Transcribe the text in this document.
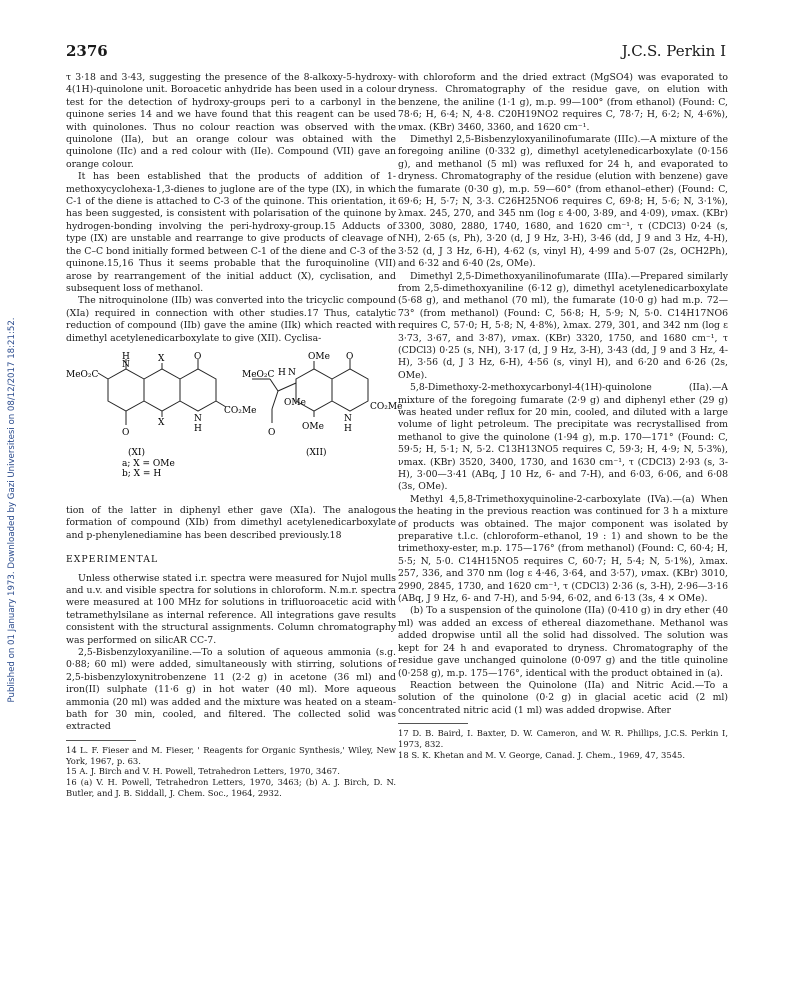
2376	J.C.S. Perkin I
Published on 01 January 1973. Downloaded by Gazi Universitesi on 08/12/2017 18:21:52.

τ 3·18 and 3·43, suggesting the presence of the 8-alkoxy-5-hydroxy-4(1H)-quinolone unit. Boroacetic anhydride has been used in a colour test for the detection of hydroxy-groups peri to a carbonyl in the quinone series 14 and we have found that this reagent can be used with quinolones. Thus no colour reaction was observed with the quinolone (IIa), but an orange colour was obtained with the quinolone (IIc) and a red colour with (IIe). Compound (VII) gave an orange colour.

It has been established that the products of addition of 1-methoxycyclohexa-1,3-dienes to juglone are of the type (IX), in which C-1 of the diene is attached to C-3 of the quinone. This orientation, it has been suggested, is consistent with polarisation of the quinone by hydrogen-bonding involving the peri-hydroxy-group.15 Adducts of type (IX) are unstable and rearrange to give products of cleavage of the C–C bond initially formed between C-1 of the diene and C-3 of the quinone.15,16 Thus it seems probable that the furoquinoline (VII) arose by rearrangement of the initial adduct (X), cyclisation, and subsequent loss of methanol.

The nitroquinolone (IIb) was converted into the tricyclic compound (XIa) required in connection with other studies.17 Thus, catalytic reduction of compound (IIb) gave the amine (IIk) which reacted with dimethyl acetylenedicarboxylate to give (XII). Cyclisa-

MeO₂C
H
N
X	O
N
H
X
O
CO₂Me
(XI)
a; X = OMe
b; X = H
MeO₂C H N
OMe O
OMe
N
H
OMe
O
CO₂Me
(XII)

tion of the latter in diphenyl ether gave (XIa). The analogous formation of compound (XIb) from dimethyl acetylenedicarboxylate and p-phenylenediamine has been described previously.18

EXPERIMENTAL

Unless otherwise stated i.r. spectra were measured for Nujol mulls and u.v. and visible spectra for solutions in chloroform. N.m.r. spectra were measured at 100 MHz for solutions in trifluoroacetic acid with tetramethylsilane as internal reference. All integrations gave results consistent with the structural assignments. Column chromatography was performed on silicAR CC-7.

2,5-Bisbenzyloxyaniline.—To a solution of aqueous ammonia (s.g. 0·88; 60 ml) were added, simultaneously with stirring, solutions of 2,5-bisbenzyloxynitrobenzene 11 (2·2 g) in acetone (36 ml) and iron(II) sulphate (11·6 g) in hot water (40 ml). More aqueous ammonia (20 ml) was added and the mixture was heated on a steam-bath for 30 min, cooled, and filtered. The collected solid was extracted

14 L. F. Fieser and M. Fieser, ' Reagents for Organic Synthesis,' Wiley, New York, 1967, p. 63.

15 A. J. Birch and V. H. Powell, Tetrahedron Letters, 1970, 3467.

16 (a) V. H. Powell, Tetrahedron Letters, 1970, 3463; (b) A. J. Birch, D. N. Butler, and J. B. Siddall, J. Chem. Soc., 1964, 2932.

with chloroform and the dried extract (MgSO4) was evaporated to dryness. Chromatography of the residue gave, on elution with benzene, the aniline (1·1 g), m.p. 99—100° (from ethanol) (Found: C, 78·6; H, 6·4; N, 4·8. C20H19NO2 requires C, 78·7; H, 6·2; N, 4·6%), νmax. (KBr) 3460, 3360, and 1620 cm⁻¹.

Dimethyl 2,5-Bisbenzyloxyanilinofumarate (IIIc).—A mixture of the foregoing aniline (0·332 g), dimethyl acetylenedicarboxylate (0·156 g), and methanol (5 ml) was refluxed for 24 h, and evaporated to dryness. Chromatography of the residue (elution with benzene) gave the fumarate (0·30 g), m.p. 59—60° (from ethanol–ether) (Found: C, 69·6; H, 5·7; N, 3·3. C26H25NO6 requires C, 69·8; H, 5·6; N, 3·1%), λmax. 245, 270, and 345 nm (log ε 4·00, 3·89, and 4·09), νmax. (KBr) 3300, 3080, 2880, 1740, 1680, and 1620 cm⁻¹, τ (CDCl3) 0·24 (s, NH), 2·65 (s, Ph), 3·20 (d, J 9 Hz, 3-H), 3·46 (dd, J 9 and 3 Hz, 4-H), 3·52 (d, J 3 Hz, 6-H), 4·62 (s, vinyl H), 4·99 and 5·07 (2s, OCH2Ph), and 6·32 and 6·40 (2s, OMe).

Dimethyl 2,5-Dimethoxyanilinofumarate (IIIa).—Prepared similarly from 2,5-dimethoxyaniline (6·12 g), dimethyl acetylenedicarboxylate (5·68 g), and methanol (70 ml), the fumarate (10·0 g) had m.p. 72—73° (from methanol) (Found: C, 56·8; H, 5·9; N, 5·0. C14H17NO6 requires C, 57·0; H, 5·8; N, 4·8%), λmax. 279, 301, and 342 nm (log ε 3·73, 3·67, and 3·87), νmax. (KBr) 3320, 1750, and 1680 cm⁻¹, τ (CDCl3) 0·25 (s, NH), 3·17 (d, J 9 Hz, 3-H), 3·43 (dd, J 9 and 3 Hz, 4-H), 3·56 (d, J 3 Hz, 6-H), 4·56 (s, vinyl H), and 6·20 and 6·26 (2s, OMe).

5,8-Dimethoxy-2-methoxycarbonyl-4(1H)-quinolone (IIa).—A mixture of the foregoing fumarate (2·9 g) and diphenyl ether (29 g) was heated under reflux for 20 min, cooled, and diluted with a large volume of light petroleum. The precipitate was recrystallised from methanol to give the quinolone (1·94 g), m.p. 170—171° (Found: C, 59·5; H, 5·1; N, 5·2. C13H13NO5 requires C, 59·3; H, 4·9; N, 5·3%), νmax. (KBr) 3520, 3400, 1730, and 1630 cm⁻¹, τ (CDCl3) 2·93 (s, 3-H), 3·00—3·41 (ABq, J 10 Hz, 6- and 7-H), and 6·03, 6·06, and 6·08 (3s, OMe).

Methyl 4,5,8-Trimethoxyquinoline-2-carboxylate (IVa).—(a) When the heating in the previous reaction was continued for 3 h a mixture of products was obtained. The major component was isolated by preparative t.l.c. (chloroform–ethanol, 19 : 1) and shown to be the trimethoxy-ester, m.p. 175—176° (from methanol) (Found: C, 60·4; H, 5·5; N, 5·0. C14H15NO5 requires C, 60·7; H, 5·4; N, 5·1%), λmax. 257, 336, and 370 nm (log ε 4·46, 3·64, and 3·57), νmax. (KBr) 3010, 2990, 2845, 1730, and 1620 cm⁻¹, τ (CDCl3) 2·36 (s, 3-H), 2·96—3·16 (ABq, J 9 Hz, 6- and 7-H), and 5·94, 6·02, and 6·13 (3s, 4 × OMe).

(b) To a suspension of the quinolone (IIa) (0·410 g) in dry ether (40 ml) was added an excess of ethereal diazomethane. Methanol was added dropwise until all the solid had dissolved. The solution was kept for 24 h and evaporated to dryness. Chromatography of the residue gave unchanged quinolone (0·097 g) and the title quinoline (0·258 g), m.p. 175—176°, identical with the product obtained in (a).

Reaction between the Quinolone (IIa) and Nitric Acid.—To a solution of the quinolone (0·2 g) in glacial acetic acid (2 ml) concentrated nitric acid (1 ml) was added dropwise. After

17 D. B. Baird, I. Baxter, D. W. Cameron, and W. R. Phillips, J.C.S. Perkin I, 1973, 832.

18 S. K. Khetan and M. V. George, Canad. J. Chem., 1969, 47, 3545.
